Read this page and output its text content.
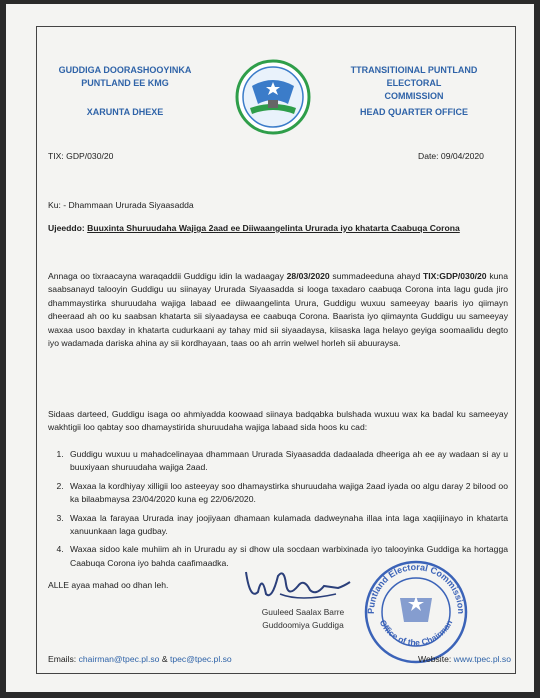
GUDDIGA DOORASHOOYINKA
PUNTLAND EE KMG
XARUNTA DHEXE
TTRANSITIOINAL PUNTLAND ELECTORAL
COMMISSION
HEAD QUARTER OFFICE
TIX: GDP/030/20	Date: 09/04/2020
Ku: - Dhammaan Ururada Siyaasadda
Ujeeddo: Buuxinta Shuruudaha Wajiga 2aad ee Diiwaangelinta Ururada iyo khatarta Caabuqa Corona
Annaga oo tixraacayna waraqaddii Guddigu idin la wadaagay 28/03/2020 summadeeduna ahayd TIX:GDP/030/20 kuna saabsanayd talooyin Guddigu uu siinayay Ururada Siyaasadda si looga taxadaro caabuqa Corona inta lagu guda jiro dhammaystirka shuruudaha wajiga labaad ee diiwaangelinta Urura, Guddigu wuxuu sameeyay baaris iyo qiimayn dheeraad ah oo ku saabsan khatarta sii siyaadaysa ee caabuqa Corona. Baarista iyo qiimaynta Guddigu uu sameeyay waxaa usoo baxday in khatarta cudurkaani ay tahay mid sii siyaadaysa, kiisaska laga helayo geyiga soomaalidu degto iyo wadamada dariska ahina ay sii kordhayaan, taas oo ah arrin welwel horleh sii abuuraysa.
Sidaas darteed, Guddigu isaga oo ahmiyadda koowaad siinaya badqabka bulshada wuxuu wax ka badal ku sameeyay wakhtigii loo qabtay soo dhamaystirida shuruudaha wajiga labaad sida hoos ku cad:
1. Guddigu wuxuu u mahadcelinayaa dhammaan Ururada Siyaasadda dadaalada dheeriga ah ee ay wadaan si ay u buuxiyaan shuruudaha wajiga 2aad.
2. Waxaa la kordhiyay xilligii loo asteeyay soo dhamaystirka shuruudaha wajiga 2aad iyada oo algu daray 2 bilood oo ka bilaabmaysa 23/04/2020 kuna eg 22/06/2020.
3. Waxaa la farayaa Ururada inay joojiyaan dhamaan kulamada dadweynaha illaa inta laga xaqiijinayo in khatarta xanuunkaan laga gudbay.
4. Waxaa sidoo kale muhiim ah in Ururadu ay si dhow ula socdaan warbixinada iyo talooyinka Guddiga ka hortagga Caabuqa Corona iyo bahda caafimaadka.
ALLE ayaa mahad oo dhan leh.
Guuleed Saalax Barre
Guddoomiya Guddiga
Puntland Electoral Commission
Office of the Chairman
Emails: chairman@tpec.pl.so & tpec@tpec.pl.so	Website: www.tpec.pl.so
